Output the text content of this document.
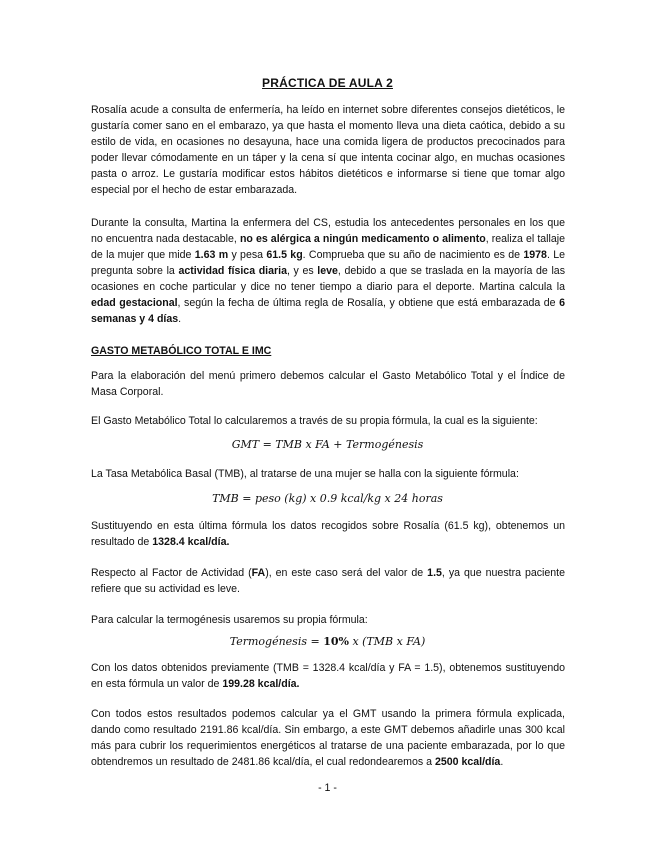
PRÁCTICA DE AULA 2

Rosalía acude a consulta de enfermería, ha leído en internet sobre diferentes consejos dietéticos, le gustaría comer sano en el embarazo, ya que hasta el momento lleva una dieta caótica, debido a su estilo de vida, en ocasiones no desayuna, hace una comida ligera de productos precocinados para poder llevar cómodamente en un táper y la cena sí que intenta cocinar algo, en muchas ocasiones pasta o arroz. Le gustaría modificar estos hábitos dietéticos e informarse si tiene que tomar algo especial por el hecho de estar embarazada.

Durante la consulta, Martina la enfermera del CS, estudia los antecedentes personales en los que no encuentra nada destacable, no es alérgica a ningún medicamento o alimento, realiza el tallaje de la mujer que mide 1.63 m y pesa 61.5 kg. Comprueba que su año de nacimiento es de 1978. Le pregunta sobre la actividad física diaria, y es leve, debido a que se traslada en la mayoría de las ocasiones en coche particular y dice no tener tiempo a diario para el deporte. Martina calcula la edad gestacional, según la fecha de última regla de Rosalía, y obtiene que está embarazada de 6 semanas y 4 días.

GASTO METABÓLICO TOTAL E IMC

Para la elaboración del menú primero debemos calcular el Gasto Metabólico Total y el Índice de Masa Corporal.

El Gasto Metabólico Total lo calcularemos a través de su propia fórmula, la cual es la siguiente:

GMT = TMB x FA + Termogénesis

La Tasa Metabólica Basal (TMB), al tratarse de una mujer se halla con la siguiente fórmula:

TMB = peso (kg) x 0.9 kcal/kg x 24 horas

Sustituyendo en esta última fórmula los datos recogidos sobre Rosalía (61.5 kg), obtenemos un resultado de 1328.4 kcal/día.

Respecto al Factor de Actividad (FA), en este caso será del valor de 1.5, ya que nuestra paciente refiere que su actividad es leve.

Para calcular la termogénesis usaremos su propia fórmula:

Termogénesis = 10% x (TMB x FA)

Con los datos obtenidos previamente (TMB = 1328.4 kcal/día y FA = 1.5), obtenemos sustituyendo en esta fórmula un valor de 199.28 kcal/día.

Con todos estos resultados podemos calcular ya el GMT usando la primera fórmula explicada, dando como resultado 2191.86 kcal/día. Sin embargo, a este GMT debemos añadirle unas 300 kcal más para cubrir los requerimientos energéticos al tratarse de una paciente embarazada, por lo que obtendremos un resultado de 2481.86 kcal/día, el cual redondearemos a 2500 kcal/día.

- 1 -
